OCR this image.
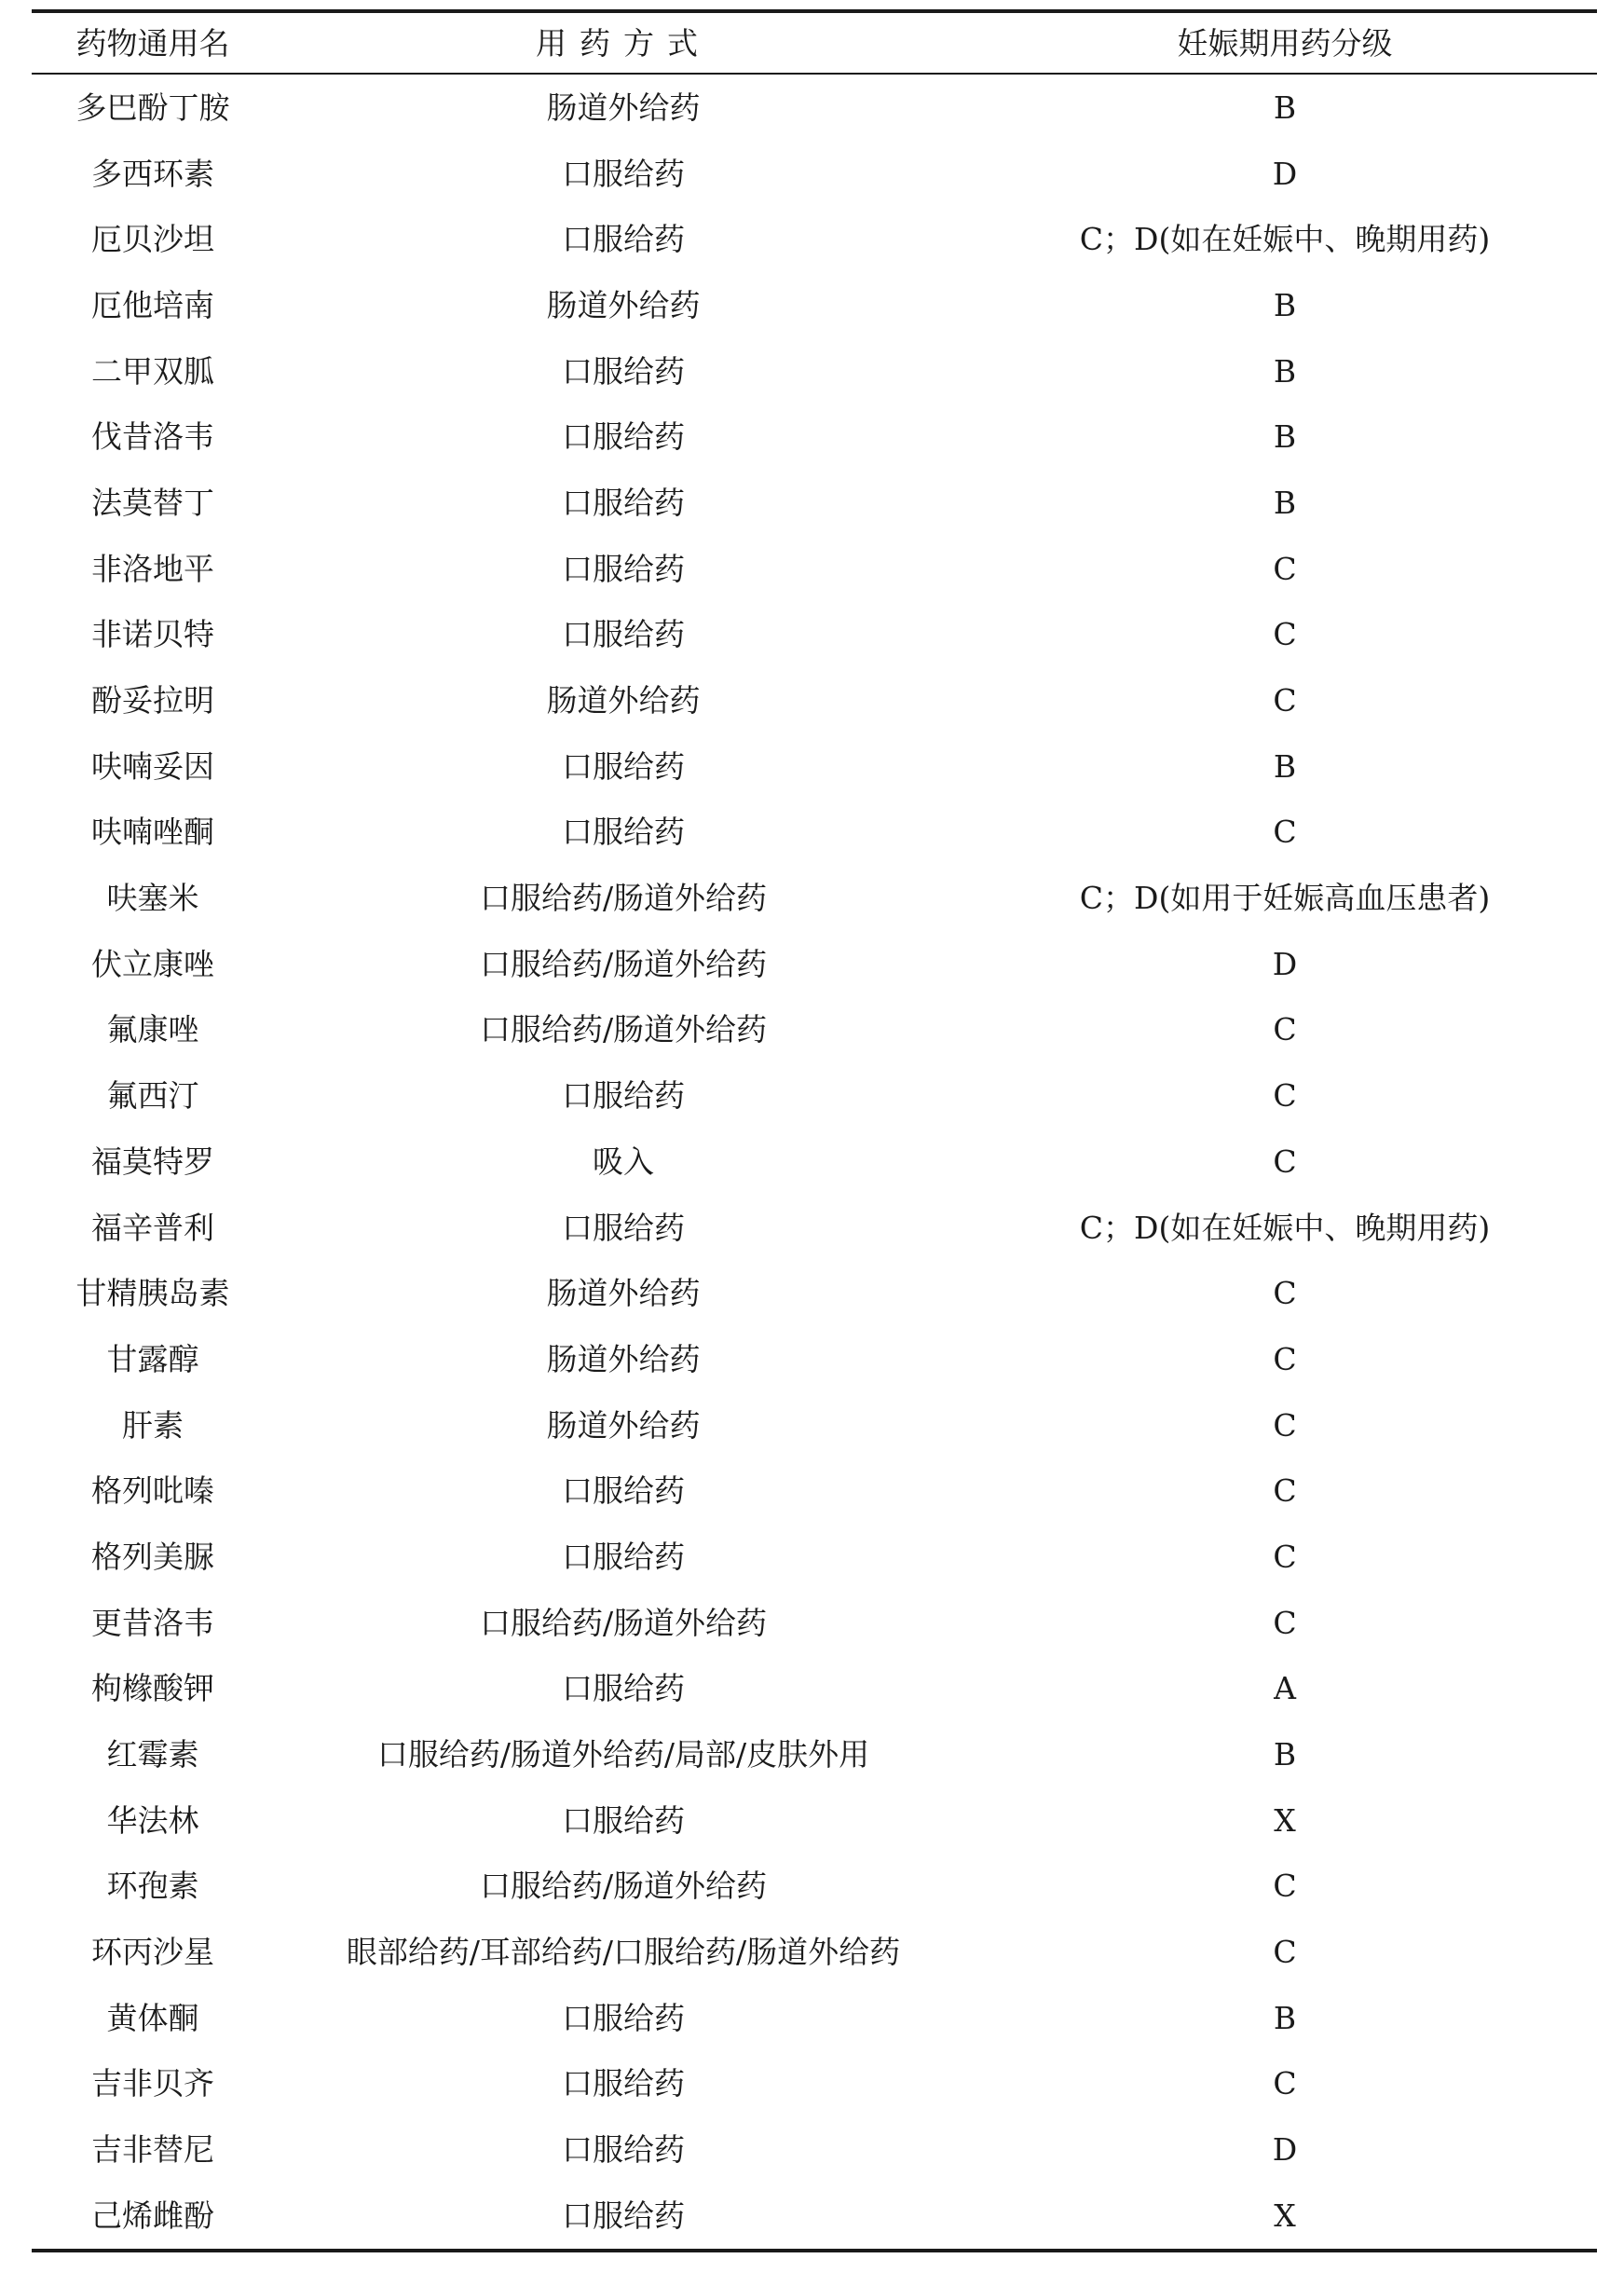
药物通用名	用药方式	妊娠期用药分级
多巴酚丁胺	肠道外给药	B
多西环素	口服给药	D
厄贝沙坦	口服给药	C；D(如在妊娠中、晚期用药)
厄他培南	肠道外给药	B
二甲双胍	口服给药	B
伐昔洛韦	口服给药	B
法莫替丁	口服给药	B
非洛地平	口服给药	C
非诺贝特	口服给药	C
酚妥拉明	肠道外给药	C
呋喃妥因	口服给药	B
呋喃唑酮	口服给药	C
呋塞米	口服给药/肠道外给药	C；D(如用于妊娠高血压患者)
伏立康唑	口服给药/肠道外给药	D
氟康唑	口服给药/肠道外给药	C
氟西汀	口服给药	C
福莫特罗	吸入	C
福辛普利	口服给药	C；D(如在妊娠中、晚期用药)
甘精胰岛素	肠道外给药	C
甘露醇	肠道外给药	C
肝素	肠道外给药	C
格列吡嗪	口服给药	C
格列美脲	口服给药	C
更昔洛韦	口服给药/肠道外给药	C
枸橼酸钾	口服给药	A
红霉素	口服给药/肠道外给药/局部/皮肤外用	B
华法林	口服给药	X
环孢素	口服给药/肠道外给药	C
环丙沙星	眼部给药/耳部给药/口服给药/肠道外给药	C
黄体酮	口服给药	B
吉非贝齐	口服给药	C
吉非替尼	口服给药	D
己烯雌酚	口服给药	X
